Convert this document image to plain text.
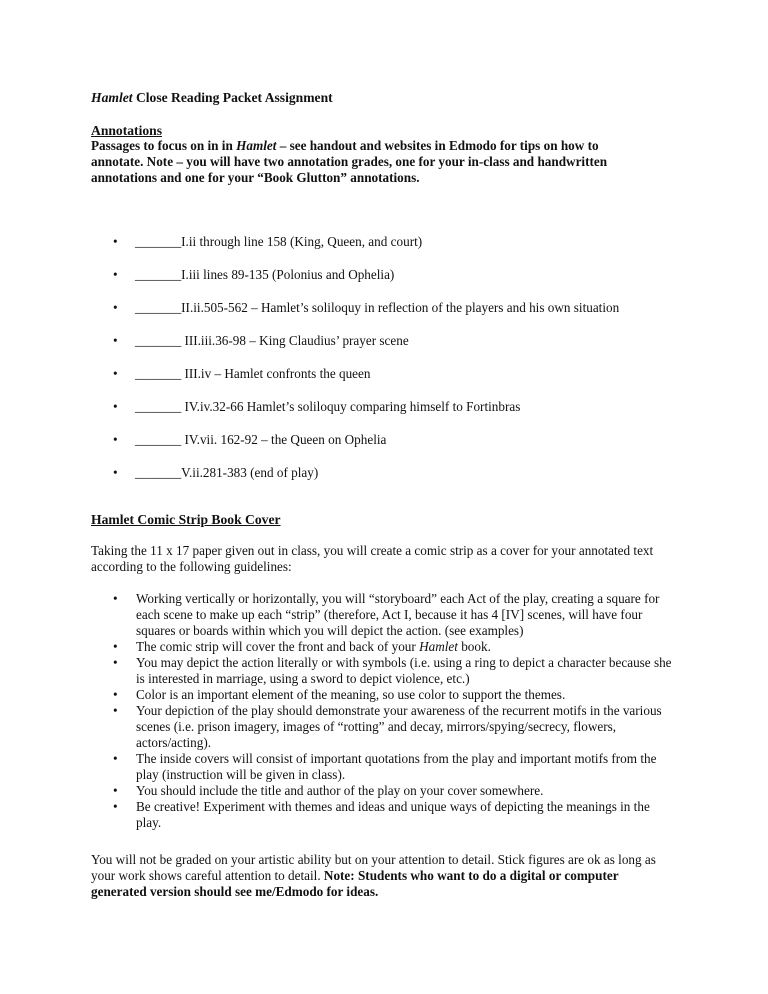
Hamlet Close Reading Packet Assignment
Annotations
Passages to focus on in in Hamlet – see handout and websites in Edmodo for tips on how to annotate. Note – you will have two annotation grades, one for your in-class and handwritten annotations and one for your “Book Glutton” annotations.
• _______I.ii through line 158 (King, Queen, and court)
• _______I.iii lines 89-135 (Polonius and Ophelia)
• _______II.ii.505-562 – Hamlet’s soliloquy in reflection of the players and his own situation
• _______ III.iii.36-98 – King Claudius’ prayer scene
• _______ III.iv – Hamlet confronts the queen
• _______ IV.iv.32-66 Hamlet’s soliloquy comparing himself to Fortinbras
• _______ IV.vii. 162-92 – the Queen on Ophelia
• _______V.ii.281-383 (end of play)
Hamlet Comic Strip Book Cover
Taking the 11 x 17 paper given out in class, you will create a comic strip as a cover for your annotated text according to the following guidelines:
• Working vertically or horizontally, you will “storyboard” each Act of the play, creating a square for each scene to make up each “strip” (therefore, Act I, because it has 4 [IV] scenes, will have four squares or boards within which you will depict the action. (see examples)
• The comic strip will cover the front and back of your Hamlet book.
• You may depict the action literally or with symbols (i.e. using a ring to depict a character because she is interested in marriage, using a sword to depict violence, etc.)
• Color is an important element of the meaning, so use color to support the themes.
• Your depiction of the play should demonstrate your awareness of the recurrent motifs in the various scenes (i.e. prison imagery, images of “rotting” and decay, mirrors/spying/secrecy, flowers, actors/acting).
• The inside covers will consist of important quotations from the play and important motifs from the play (instruction will be given in class).
• You should include the title and author of the play on your cover somewhere.
• Be creative! Experiment with themes and ideas and unique ways of depicting the meanings in the play.
You will not be graded on your artistic ability but on your attention to detail. Stick figures are ok as long as your work shows careful attention to detail. Note: Students who want to do a digital or computer generated version should see me/Edmodo for ideas.
